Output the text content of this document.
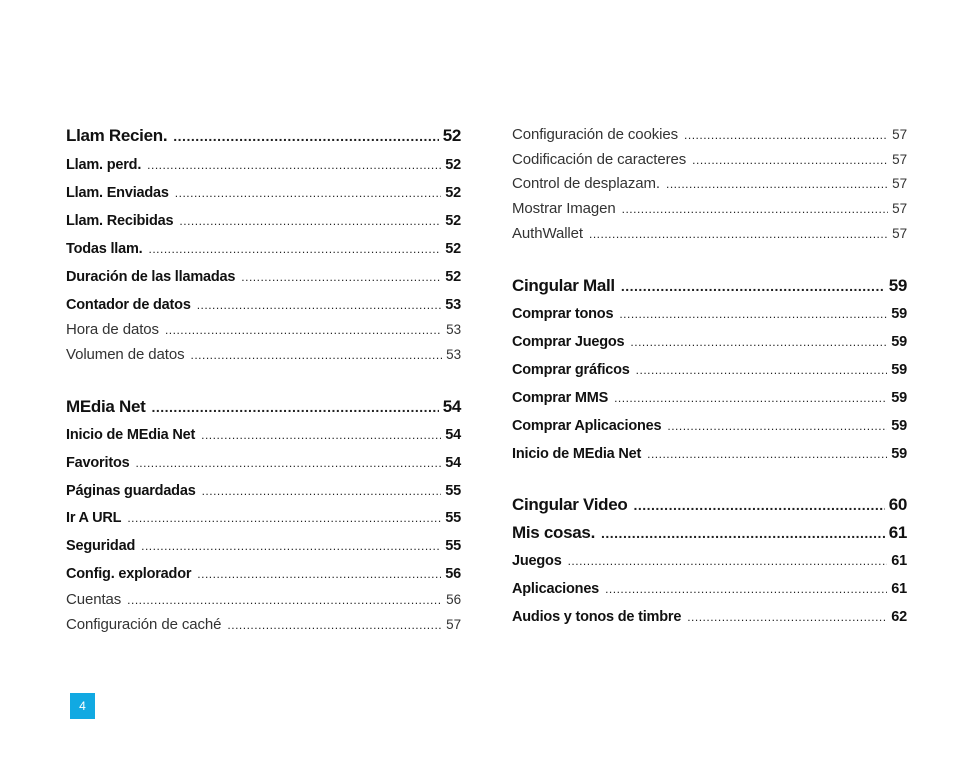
Llam Recien. .....	52
Llam. perd. .....	52
Llam. Enviadas .....	52
Llam. Recibidas .....	52
Todas llam. .....	52
Duración de las llamadas .....	52
Contador de datos .....	53
Hora de datos .....	53
Volumen de datos .....	53
MEdia Net .....	54
Inicio de MEdia Net .....	54
Favoritos .....	54
Páginas guardadas .....	55
Ir A URL .....	55
Seguridad .....	55
Config. explorador .....	56
Cuentas .....	56
Configuración de caché .....	57
Configuración de cookies .....	57
Codificación de caracteres .....	57
Control de desplazam. .....	57
Mostrar Imagen .....	57
AuthWallet .....	57
Cingular Mall .....	59
Comprar tonos .....	59
Comprar Juegos .....	59
Comprar gráficos .....	59
Comprar MMS .....	59
Comprar Aplicaciones .....	59
Inicio de MEdia Net .....	59
Cingular Video .....	60
Mis cosas. .....	61
Juegos .....	61
Aplicaciones .....	61
Audios y tonos de timbre .....	62
4
